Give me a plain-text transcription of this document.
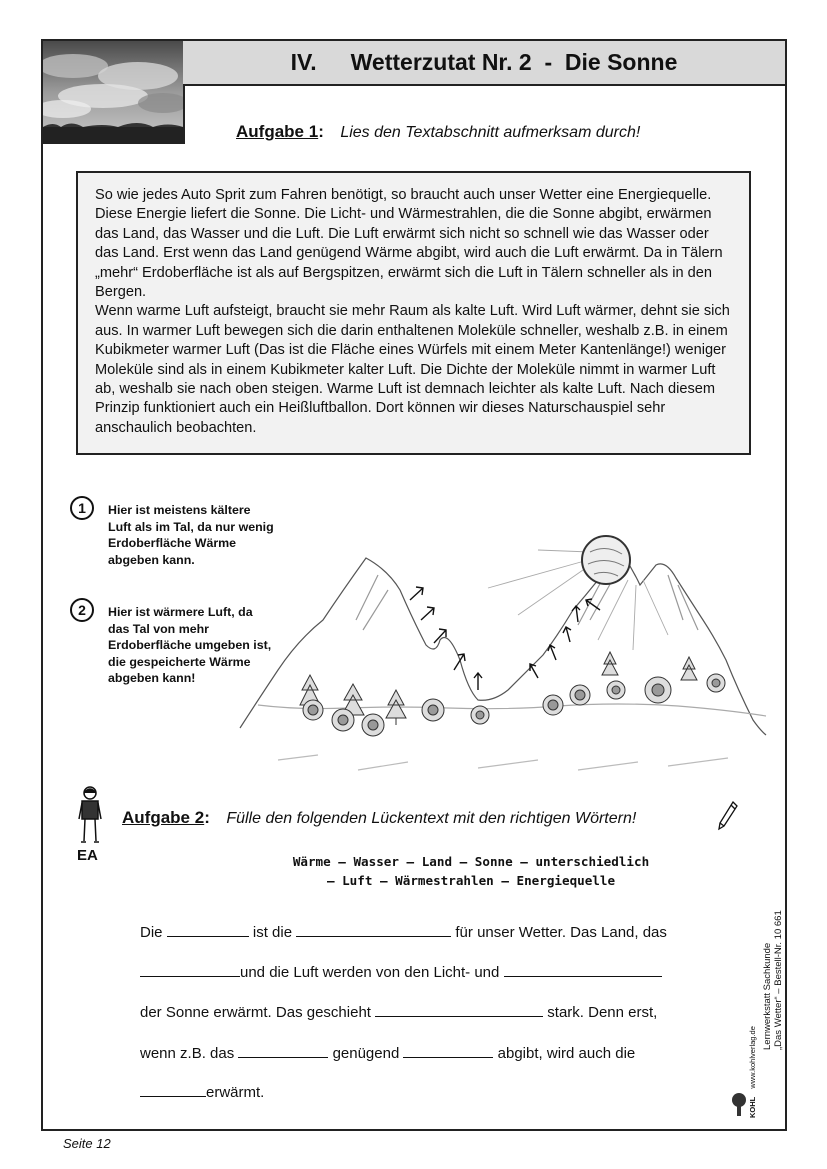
IV. Wetterzutat Nr. 2  -  Die Sonne
Aufgabe 1: Lies den Textabschnitt aufmerksam durch!

So wie jedes Auto Sprit zum Fahren benötigt, so braucht auch unser Wetter eine Energiequelle. Diese Energie liefert die Sonne. Die Licht- und Wärmestrahlen, die die Sonne abgibt, erwärmen das Land, das Wasser und die Luft. Die Luft erwärmt sich nicht so schnell wie das Wasser oder das Land. Erst wenn das Land genügend Wärme abgibt, wird auch die Luft erwärmt. Da in Tälern „mehr“ Erdoberfläche ist als auf Bergspitzen, erwärmt sich die Luft in Tälern schneller als in den Bergen.

Wenn warme Luft aufsteigt, braucht sie mehr Raum als kalte Luft. Wird Luft wärmer, dehnt sie sich aus. In warmer Luft bewegen sich die darin enthaltenen Moleküle schneller, weshalb z.B. in einem Kubikmeter warmer Luft (Das ist die Fläche eines Würfels mit einem Meter Kantenlänge!) weniger Moleküle sind als in einem Kubikmeter kalter Luft. Die Dichte der Moleküle nimmt in warmer Luft ab, weshalb sie nach oben steigen. Warme Luft ist demnach leichter als kalte Luft. Nach diesem Prinzip funktioniert auch ein Heißluftballon. Dort können wir dieses Naturschauspiel sehr anschaulich beobachten.

1	Hier ist meistens kältere Luft als im Tal, da nur wenig Erdoberfläche Wärme abgeben kann.
2	Hier ist wärmere Luft, da das Tal von mehr Erdoberfläche umgeben ist, die gespeicherte Wärme abgeben kann!
EA
Aufgabe 2: Fülle den folgenden Lückentext mit den richtigen Wörtern!
Wärme – Wasser – Land – Sonne – unterschiedlich
– Luft – Wärmestrahlen – Energiequelle
Die	ist die	für unser Wetter. Das Land, das
und die Luft werden von den Licht- und
der Sonne erwärmt. Das geschieht	stark. Denn erst,
wenn z.B. das	genügend	abgibt, wird auch die
erwärmt.
Lernwerkstatt Sachkunde „Das Wetter“ – Bestell-Nr. 10 661
KOHL www.kohlverlag.de
Seite 12
